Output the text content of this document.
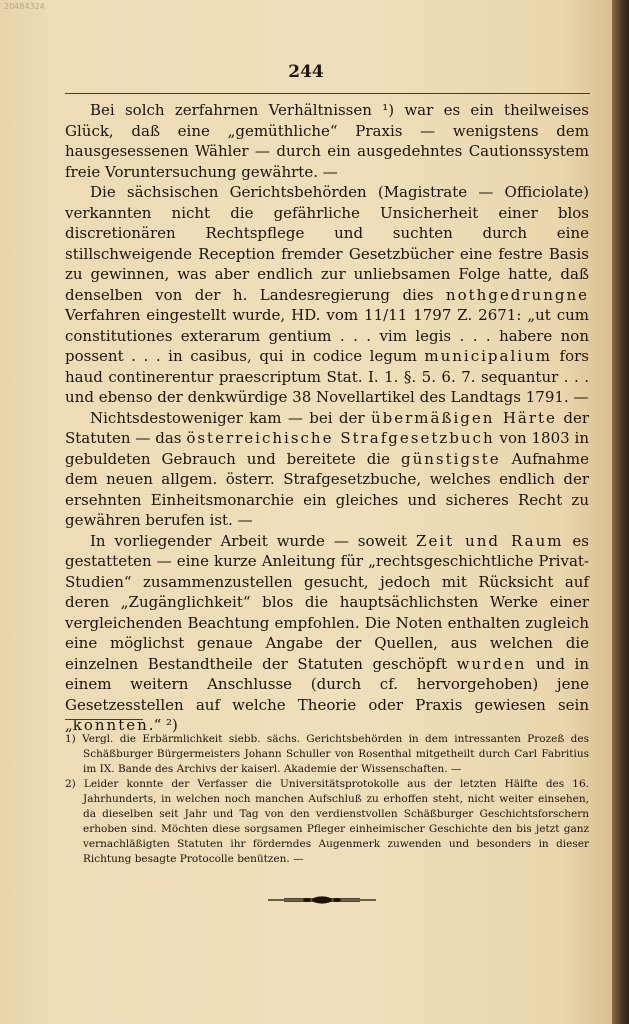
20484324
244

Bei solch zerfahrnen Verhältnissen ¹) war es ein theilweises Glück, daß eine „gemüthliche“ Praxis — wenigstens dem hausgesessenen Wähler — durch ein ausgedehntes Cautionssystem freie Voruntersuchung gewährte. —

Die sächsischen Gerichtsbehörden (Magistrate — Officiolate) verkannten nicht die gefährliche Unsicherheit einer blos discretionären Rechtspflege und suchten durch eine stillschweigende Reception fremder Gesetzbücher eine festre Basis zu gewinnen, was aber endlich zur unliebsamen Folge hatte, daß denselben von der h. Landesregierung dies nothgedrungne Verfahren eingestellt wurde, HD. vom 11/11 1797 Z. 2671: „ut cum constitutiones exterarum gentium . . . vim legis . . . habere non possent . . . in casibus, qui in codice legum municipalium fors haud continerentur praescriptum Stat. I. 1. §. 5. 6. 7. sequantur . . . und ebenso der denkwürdige 38 Novellartikel des Landtags 1791. —

Nichtsdestoweniger kam — bei der übermäßigen Härte der Statuten — das österreichische Strafgesetzbuch von 1803 in gebuldeten Gebrauch und bereitete die günstigste Aufnahme dem neuen allgem. österr. Strafgesetzbuche, welches endlich der ersehnten Einheitsmonarchie ein gleiches und sicheres Recht zu gewähren berufen ist. —

In vorliegender Arbeit wurde — soweit Zeit und Raum es gestatteten — eine kurze Anleitung für „rechtsgeschichtliche Privat-Studien“ zusammenzustellen gesucht, jedoch mit Rücksicht auf deren „Zugänglichkeit“ blos die hauptsächlichsten Werke einer vergleichenden Beachtung empfohlen. Die Noten enthalten zugleich eine möglichst genaue Angabe der Quellen, aus welchen die einzelnen Bestandtheile der Statuten geschöpft wurden und in einem weitern Anschlusse (durch cf. hervorgehoben) jene Gesetzesstellen auf welche Theorie oder Praxis gewiesen sein „konnten.“ ²)

1) Vergl. die Erbärmlichkeit siebb. sächs. Gerichtsbehörden in dem intressanten Prozeß des Schäßburger Bürgermeisters Johann Schuller von Rosenthal mitgetheilt durch Carl Fabritius im IX. Bande des Archivs der kaiserl. Akademie der Wissenschaften. —

2) Leider konnte der Verfasser die Universitätsprotokolle aus der letzten Hälfte des 16. Jahrhunderts, in welchen noch manchen Aufschluß zu erhoffen steht, nicht weiter einsehen, da dieselben seit Jahr und Tag von den verdienstvollen Schäßburger Geschichtsforschern erhoben sind. Möchten diese sorgsamen Pfleger einheimischer Geschichte den bis jetzt ganz vernachläßigten Statuten ihr förderndes Augenmerk zuwenden und besonders in dieser Richtung besagte Protocolle benützen. —
